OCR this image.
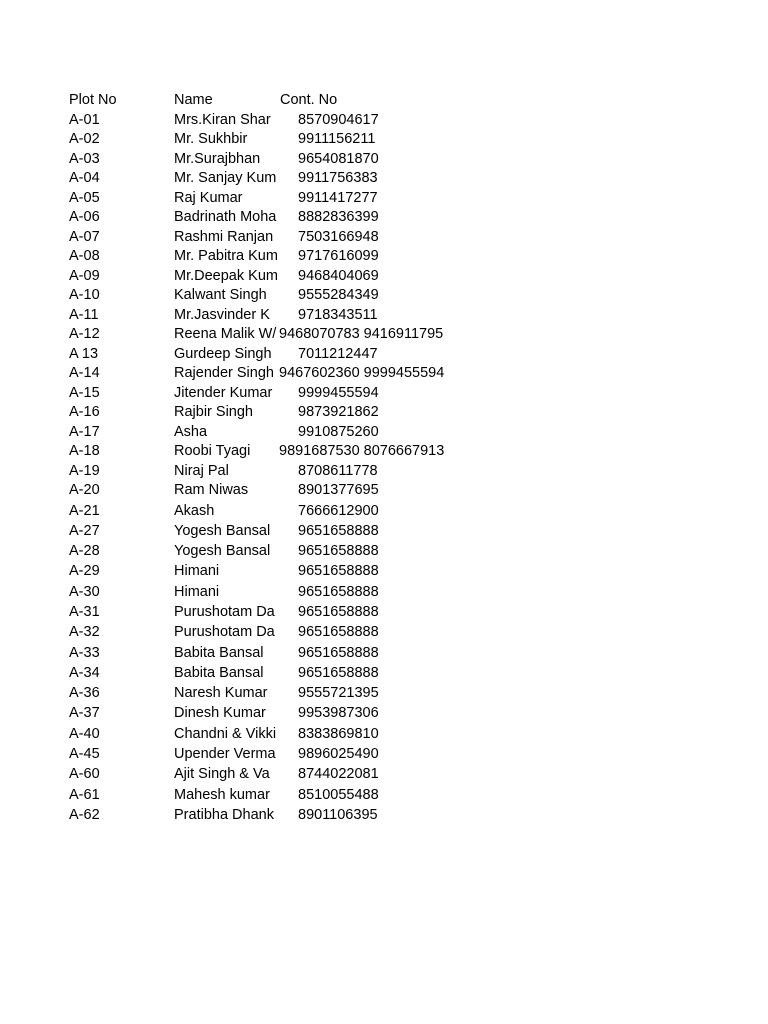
Plot No	Name	Cont. No
A-01	Mrs.Kiran Shar	8570904617
A-02	Mr. Sukhbir	9911156211
A-03	Mr.Surajbhan	9654081870
A-04	Mr. Sanjay Kum	9911756383
A-05	Raj Kumar	9911417277
A-06	Badrinath Moha	8882836399
A-07	Rashmi Ranjan	7503166948
A-08	Mr. Pabitra Kum	9717616099
A-09	Mr.Deepak Kum	9468404069
A-10	Kalwant Singh	9555284349
A-11	Mr.Jasvinder K	9718343511
A-12	Reena Malik W/ 9468070783 9416911795
A 13	Gurdeep Singh	7011212447
A-14	Rajender Singh 9467602360 9999455594
A-15	Jitender Kumar	9999455594
A-16	Rajbir Singh	9873921862
A-17	Asha	9910875260
A-18	Roobi Tyagi	9891687530 8076667913
A-19	Niraj Pal	8708611778
A-20	Ram Niwas	8901377695
A-21	Akash	7666612900
A-27	Yogesh Bansal	9651658888
A-28	Yogesh Bansal	9651658888
A-29	Himani	9651658888
A-30	Himani	9651658888
A-31	Purushotam Da	9651658888
A-32	Purushotam Da	9651658888
A-33	Babita Bansal	9651658888
A-34	Babita Bansal	9651658888
A-36	Naresh Kumar	9555721395
A-37	Dinesh Kumar	9953987306
A-40	Chandni & Vikki	8383869810
A-45	Upender Verma	9896025490
A-60	Ajit Singh & Va	8744022081
A-61	Mahesh kumar	8510055488
A-62	Pratibha Dhank	8901106395
